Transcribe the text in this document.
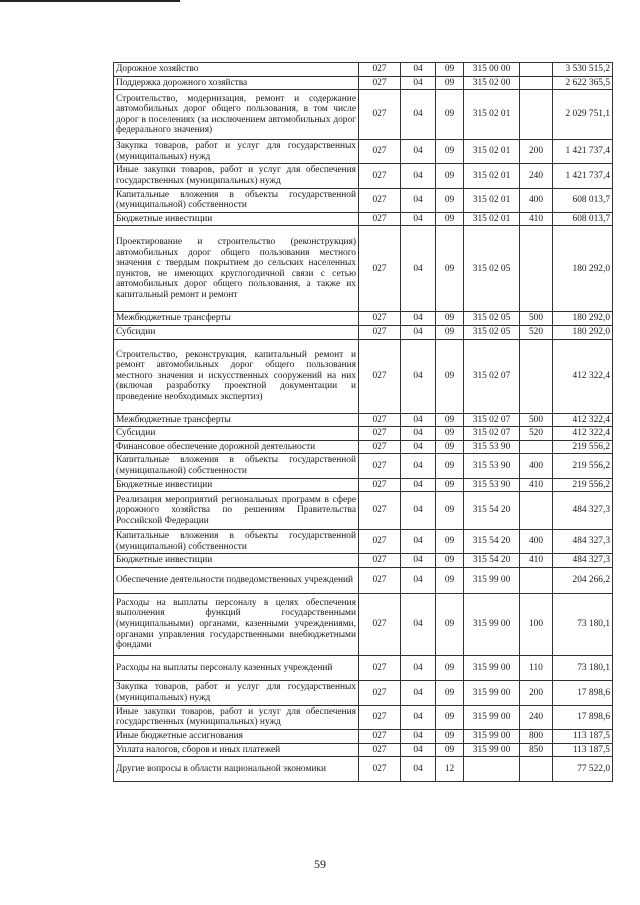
Дорожное хозяйство	027	04	09	315 00 00		3 530 515,2
Поддержка дорожного хозяйства	027	04	09	315 02 00		2 622 365,5
Строительство, модернизация, ремонт и содержание автомобильных дорог общего пользования, в том числе дорог в поселениях (за исключением автомобильных дорог федерального значения)	027	04	09	315 02 01		2 029 751,1
Закупка товаров, работ и услуг для государственных (муниципальных) нужд	027	04	09	315 02 01	200	1 421 737,4
Иные закупки товаров, работ и услуг для обеспечения государственных (муниципальных) нужд	027	04	09	315 02 01	240	1 421 737,4
Капитальные вложения в объекты государственной (муниципальной) собственности	027	04	09	315 02 01	400	608 013,7
Бюджетные инвестиции	027	04	09	315 02 01	410	608 013,7
Проектирование и строительство (реконструкция) автомобильных дорог общего пользования местного значения с твердым покрытием до сельских населенных пунктов, не имеющих круглогодичной связи с сетью автомобильных дорог общего пользования, а также их капитальный ремонт и ремонт	027	04	09	315 02 05		180 292,0
Межбюджетные трансферты	027	04	09	315 02 05	500	180 292,0
Субсидии	027	04	09	315 02 05	520	180 292,0
Строительство, реконструкция, капитальный ремонт и ремонт автомобильных дорог общего пользования местного значения и искусственных сооружений на них (включая разработку проектной документации и проведение необходимых экспертиз)	027	04	09	315 02 07		412 322,4
Межбюджетные трансферты	027	04	09	315 02 07	500	412 322,4
Субсидии	027	04	09	315 02 07	520	412 322,4
Финансовое обеспечение дорожной деятельности	027	04	09	315 53 90		219 556,2
Капитальные вложения в объекты государственной (муниципальной) собственности	027	04	09	315 53 90	400	219 556,2
Бюджетные инвестиции	027	04	09	315 53 90	410	219 556,2
Реализация мероприятий региональных программ в сфере дорожного хозяйства по решениям Правительства Российской Федерации	027	04	09	315 54 20		484 327,3
Капитальные вложения в объекты государственной (муниципальной) собственности	027	04	09	315 54 20	400	484 327,3
Бюджетные инвестиции	027	04	09	315 54 20	410	484 327,3
Обеспечение деятельности подведомственных учреждений	027	04	09	315 99 00		204 266,2
Расходы на выплаты персоналу в целях обеспечения выполнения функций государственными (муниципальными) органами, казенными учреждениями, органами управления государственными внебюджетными фондами	027	04	09	315 99 00	100	73 180,1
Расходы на выплаты персоналу казенных учреждений	027	04	09	315 99 00	110	73 180,1
Закупка товаров, работ и услуг для государственных (муниципальных) нужд	027	04	09	315 99 00	200	17 898,6
Иные закупки товаров, работ и услуг для обеспечения государственных (муниципальных) нужд	027	04	09	315 99 00	240	17 898,6
Иные бюджетные ассигнования	027	04	09	315 99 00	800	113 187,5
Уплата налогов, сборов и иных платежей	027	04	09	315 99 00	850	113 187,5
Другие вопросы в области национальной экономики	027	04	12			77 522,0
59
